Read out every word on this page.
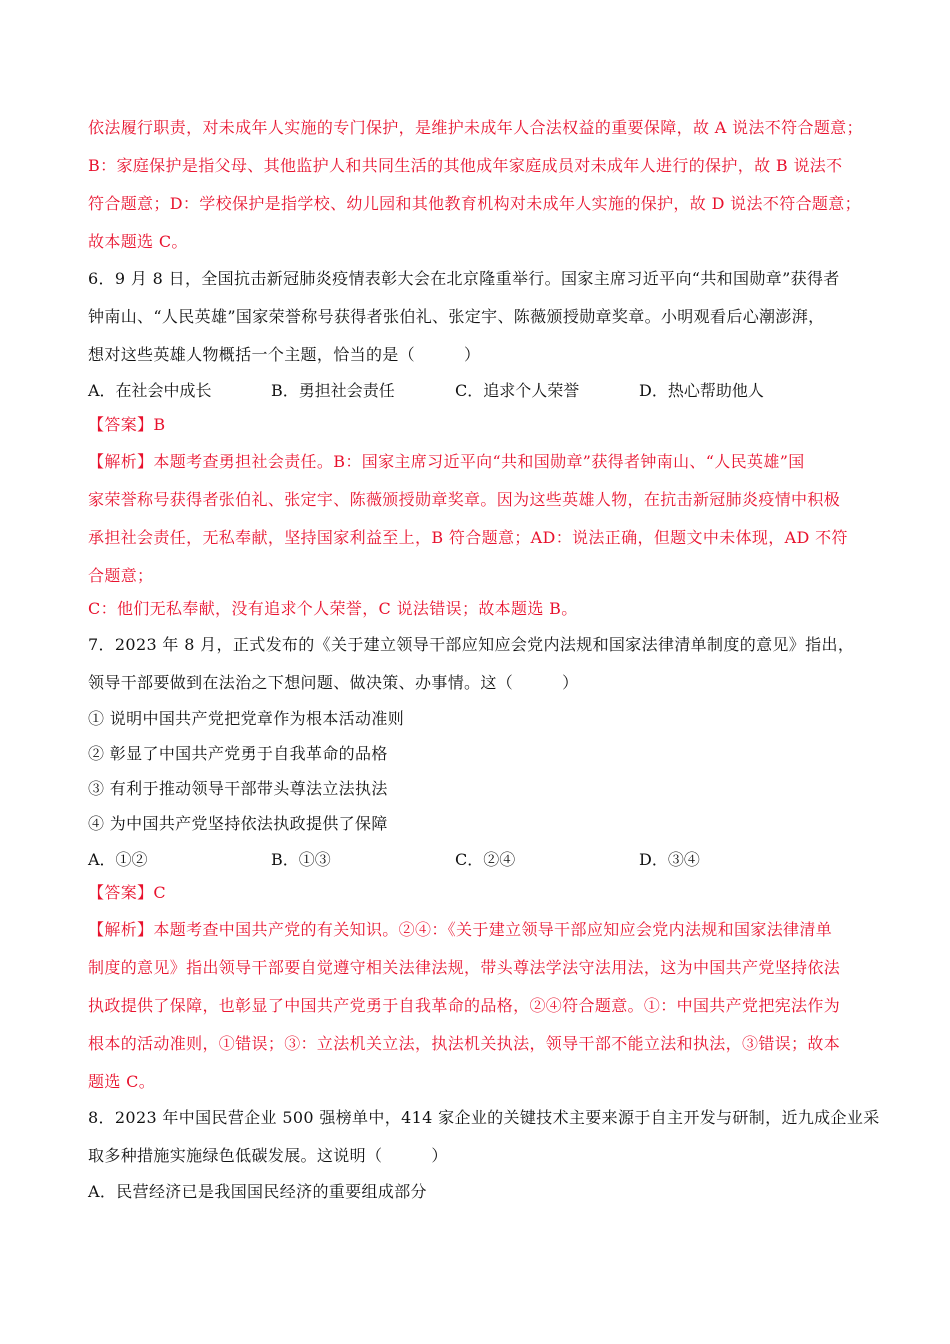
依法履行职责，对未成年人实施的专门保护，是维护未成年人合法权益的重要保障，故 A 说法不符合题意；
B：家庭保护是指父母、其他监护人和共同生活的其他成年家庭成员对未成年人进行的保护，故 B 说法不
符合题意；D：学校保护是指学校、幼儿园和其他教育机构对未成年人实施的保护，故 D 说法不符合题意；
故本题选 C。
6．9 月 8 日，全国抗击新冠肺炎疫情表彰大会在北京隆重举行。国家主席习近平向“共和国勋章”获得者
钟南山、“人民英雄”国家荣誉称号获得者张伯礼、张定宇、陈薇颁授勋章奖章。小明观看后心潮澎湃，
想对这些英雄人物概括一个主题，恰当的是（　　　）
A．在社会中成长	B．勇担社会责任	C．追求个人荣誉	D．热心帮助他人
【答案】B
【解析】本题考查勇担社会责任。B：国家主席习近平向“共和国勋章”获得者钟南山、“人民英雄”国
家荣誉称号获得者张伯礼、张定宇、陈薇颁授勋章奖章。因为这些英雄人物，在抗击新冠肺炎疫情中积极
承担社会责任，无私奉献，坚持国家利益至上，B 符合题意；AD：说法正确，但题文中未体现，AD 不符
合题意；
C：他们无私奉献，没有追求个人荣誉，C 说法错误；故本题选 B。
7．2023 年 8 月，正式发布的《关于建立领导干部应知应会党内法规和国家法律清单制度的意见》指出，
领导干部要做到在法治之下想问题、做决策、办事情。这（　　　）
① 说明中国共产党把党章作为根本活动准则
② 彰显了中国共产党勇于自我革命的品格
③ 有利于推动领导干部带头尊法立法执法
④ 为中国共产党坚持依法执政提供了保障
A．①②	B．①③	C．②④	D．③④
【答案】C
【解析】本题考查中国共产党的有关知识。②④：《关于建立领导干部应知应会党内法规和国家法律清单
制度的意见》指出领导干部要自觉遵守相关法律法规，带头尊法学法守法用法，这为中国共产党坚持依法
执政提供了保障，也彰显了中国共产党勇于自我革命的品格，②④符合题意。①：中国共产党把宪法作为
根本的活动准则，①错误；③：立法机关立法，执法机关执法，领导干部不能立法和执法，③错误；故本
题选 C。
8．2023 年中国民营企业 500 强榜单中，414 家企业的关键技术主要来源于自主开发与研制，近九成企业采
取多种措施实施绿色低碳发展。这说明（　　　）
A．民营经济已是我国国民经济的重要组成部分
